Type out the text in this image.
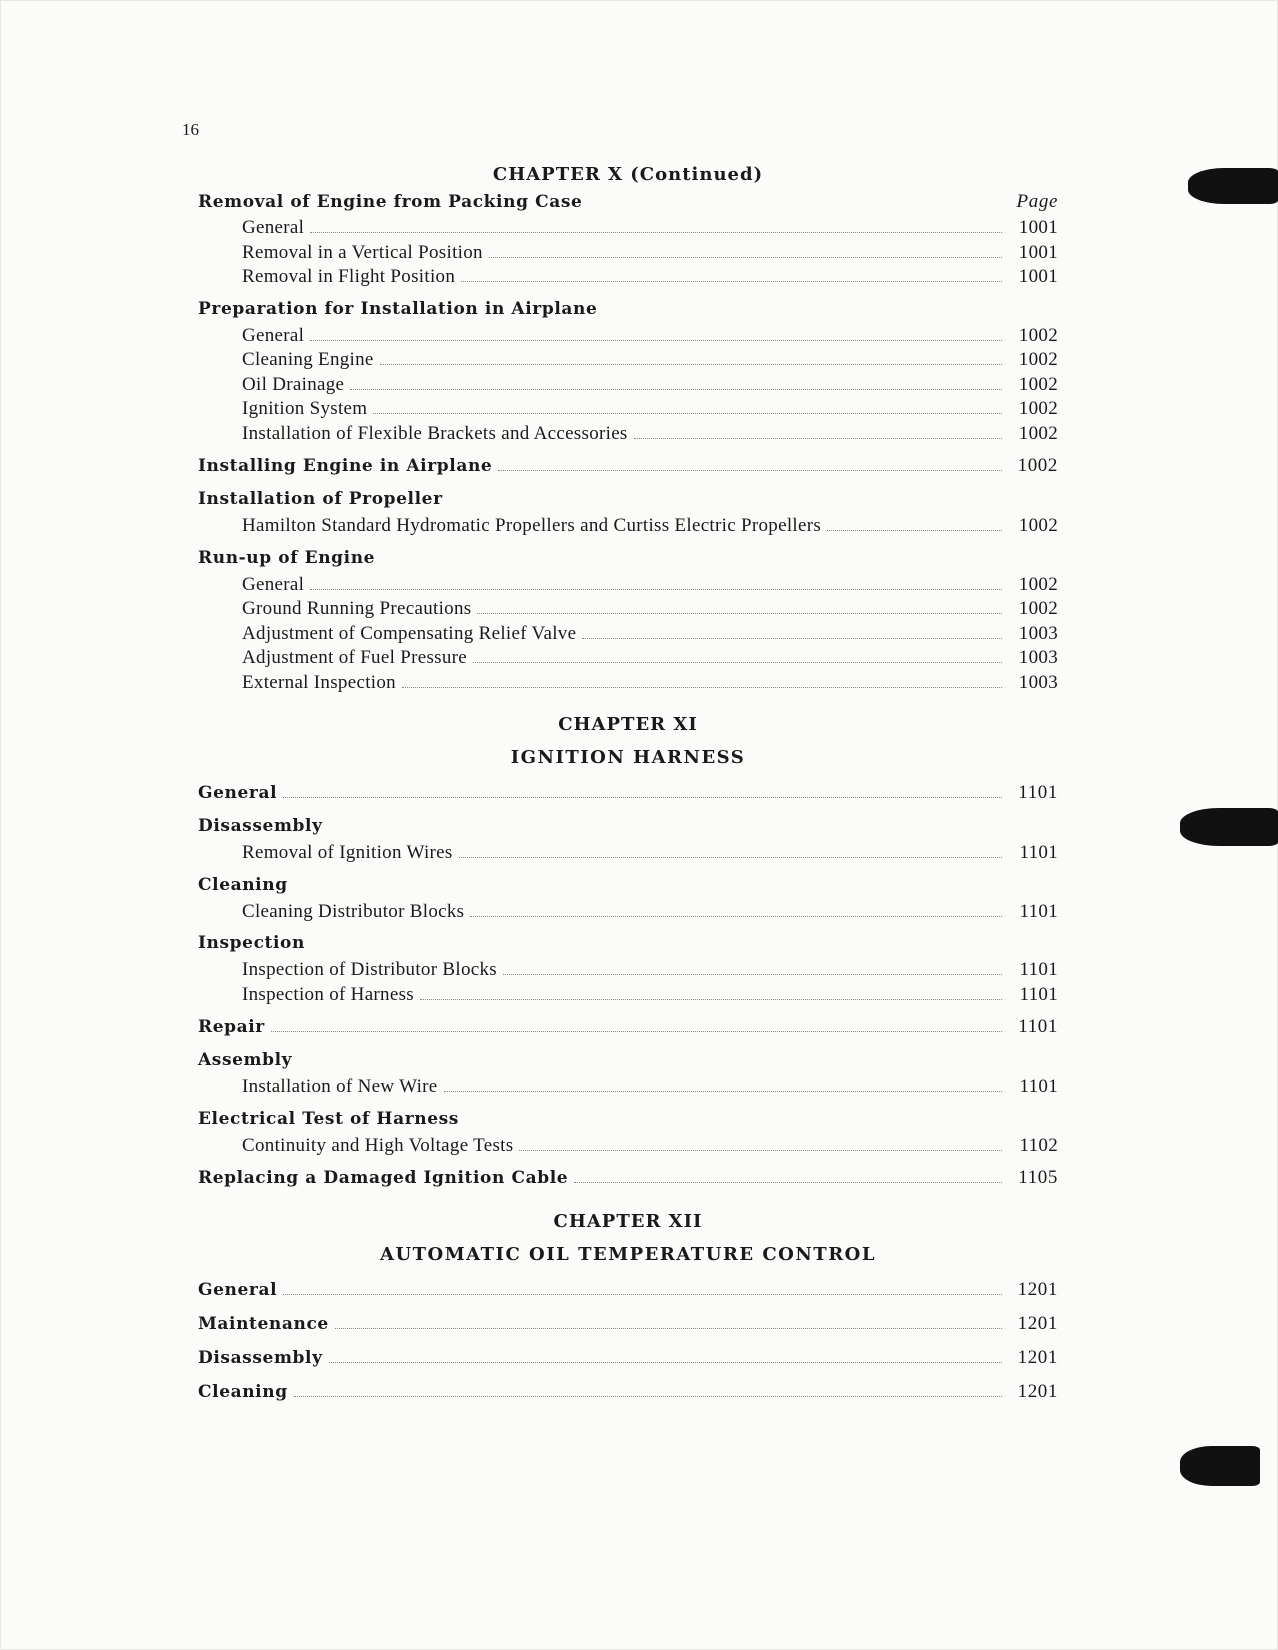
16
CHAPTER X (Continued)
Removal of Engine from Packing Case	Page
General	1001
Removal in a Vertical Position	1001
Removal in Flight Position	1001
Preparation for Installation in Airplane
General	1002
Cleaning Engine	1002
Oil Drainage	1002
Ignition System	1002
Installation of Flexible Brackets and Accessories	1002
Installing Engine in Airplane	1002
Installation of Propeller
Hamilton Standard Hydromatic Propellers and Curtiss Electric Propellers	1002
Run-up of Engine
General	1002
Ground Running Precautions	1002
Adjustment of Compensating Relief Valve	1003
Adjustment of Fuel Pressure	1003
External Inspection	1003
CHAPTER XI
IGNITION HARNESS
General	1101
Disassembly
Removal of Ignition Wires	1101
Cleaning
Cleaning Distributor Blocks	1101
Inspection
Inspection of Distributor Blocks	1101
Inspection of Harness	1101
Repair	1101
Assembly
Installation of New Wire	1101
Electrical Test of Harness
Continuity and High Voltage Tests	1102
Replacing a Damaged Ignition Cable	1105
CHAPTER XII
AUTOMATIC OIL TEMPERATURE CONTROL
General	1201
Maintenance	1201
Disassembly	1201
Cleaning	1201
